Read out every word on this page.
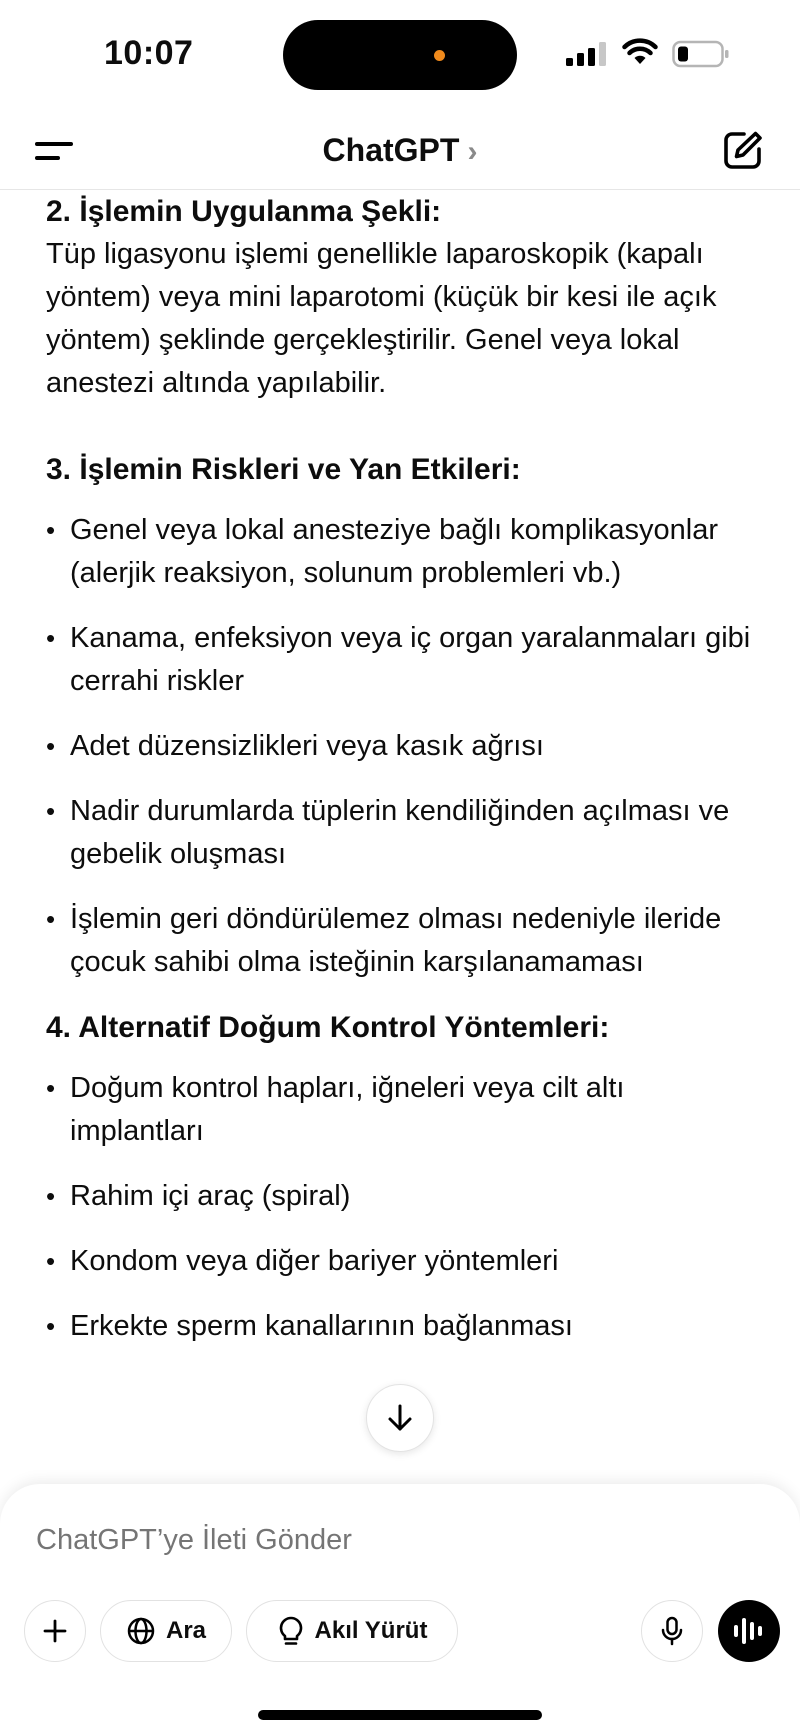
10:07
ChatGPT ›
2. İşlemin Uygulanma Şekli:

Tüp ligasyonu işlemi genellikle laparoskopik (kapalı yöntem) veya mini laparotomi (küçük bir kesi ile açık yöntem) şeklinde gerçekleştirilir. Genel veya lokal anestezi altında yapılabilir.

3. İşlemin Riskleri ve Yan Etkileri:
• Genel veya lokal anesteziye bağlı komplikasyonlar (alerjik reaksiyon, solunum problemleri vb.)
• Kanama, enfeksiyon veya iç organ yaralanmaları gibi cerrahi riskler
• Adet düzensizlikleri veya kasık ağrısı
• Nadir durumlarda tüplerin kendiliğinden açılması ve gebelik oluşması
• İşlemin geri döndürülemez olması nedeniyle ileride çocuk sahibi olma isteğinin karşılanamaması
4. Alternatif Doğum Kontrol Yöntemleri:
• Doğum kontrol hapları, iğneleri veya cilt altı implantları
• Rahim içi araç (spiral)
• Kondom veya diğer bariyer yöntemleri
• Erkekte sperm kanallarının bağlanması
ChatGPT’ye İleti Gönder
Ara	Akıl Yürüt
